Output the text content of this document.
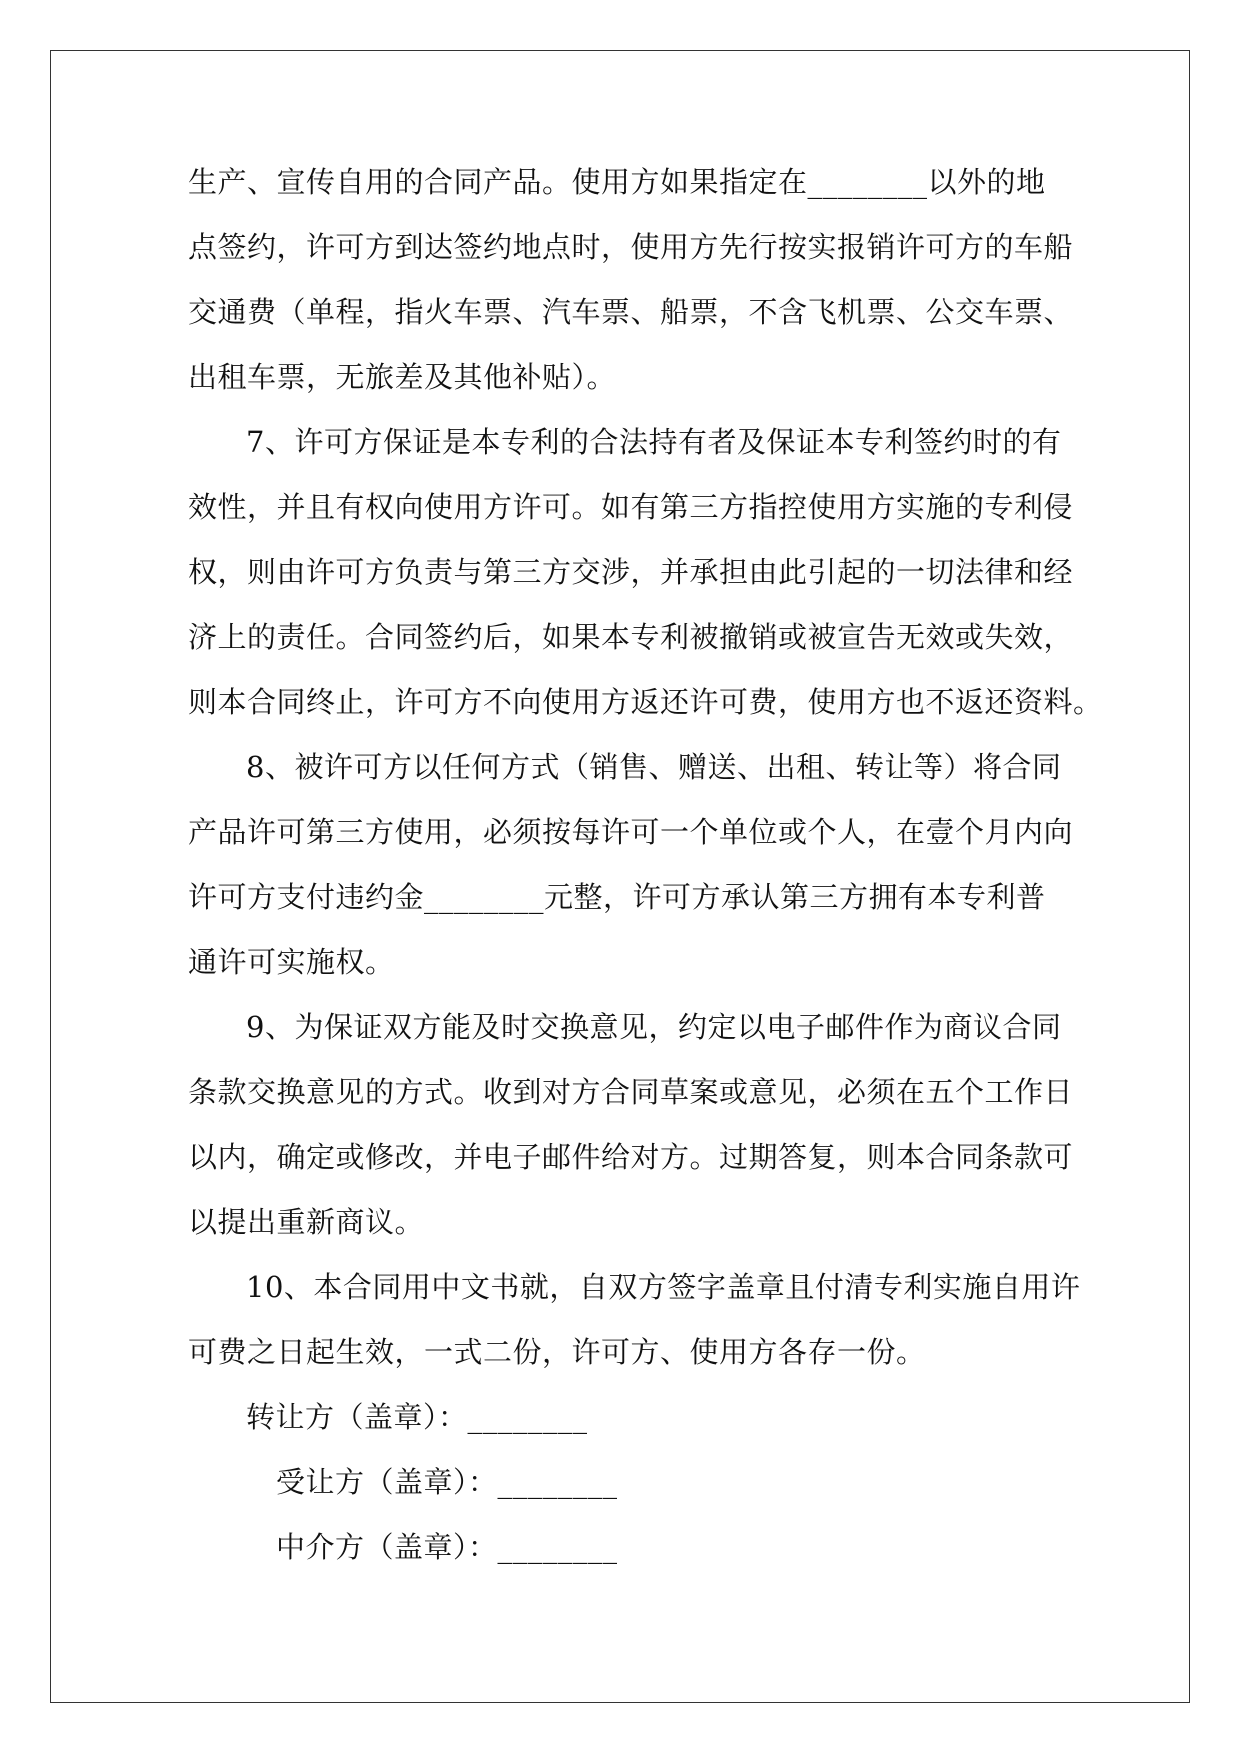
生产、宣传自用的合同产品。使用方如果指定在________以外的地
点签约，许可方到达签约地点时，使用方先行按实报销许可方的车船
交通费（单程，指火车票、汽车票、船票，不含飞机票、公交车票、
出租车票，无旅差及其他补贴）。
7、许可方保证是本专利的合法持有者及保证本专利签约时的有
效性，并且有权向使用方许可。如有第三方指控使用方实施的专利侵
权，则由许可方负责与第三方交涉，并承担由此引起的一切法律和经
济上的责任。合同签约后，如果本专利被撤销或被宣告无效或失效，
则本合同终止，许可方不向使用方返还许可费，使用方也不返还资料。
8、被许可方以任何方式（销售、赠送、出租、转让等）将合同
产品许可第三方使用，必须按每许可一个单位或个人，在壹个月内向
许可方支付违约金________元整，许可方承认第三方拥有本专利普
通许可实施权。
9、为保证双方能及时交换意见，约定以电子邮件作为商议合同
条款交换意见的方式。收到对方合同草案或意见，必须在五个工作日
以内，确定或修改，并电子邮件给对方。过期答复，则本合同条款可
以提出重新商议。
10、本合同用中文书就，自双方签字盖章且付清专利实施自用许
可费之日起生效，一式二份，许可方、使用方各存一份。
转让方（盖章）：________
受让方（盖章）：________
中介方（盖章）：________
